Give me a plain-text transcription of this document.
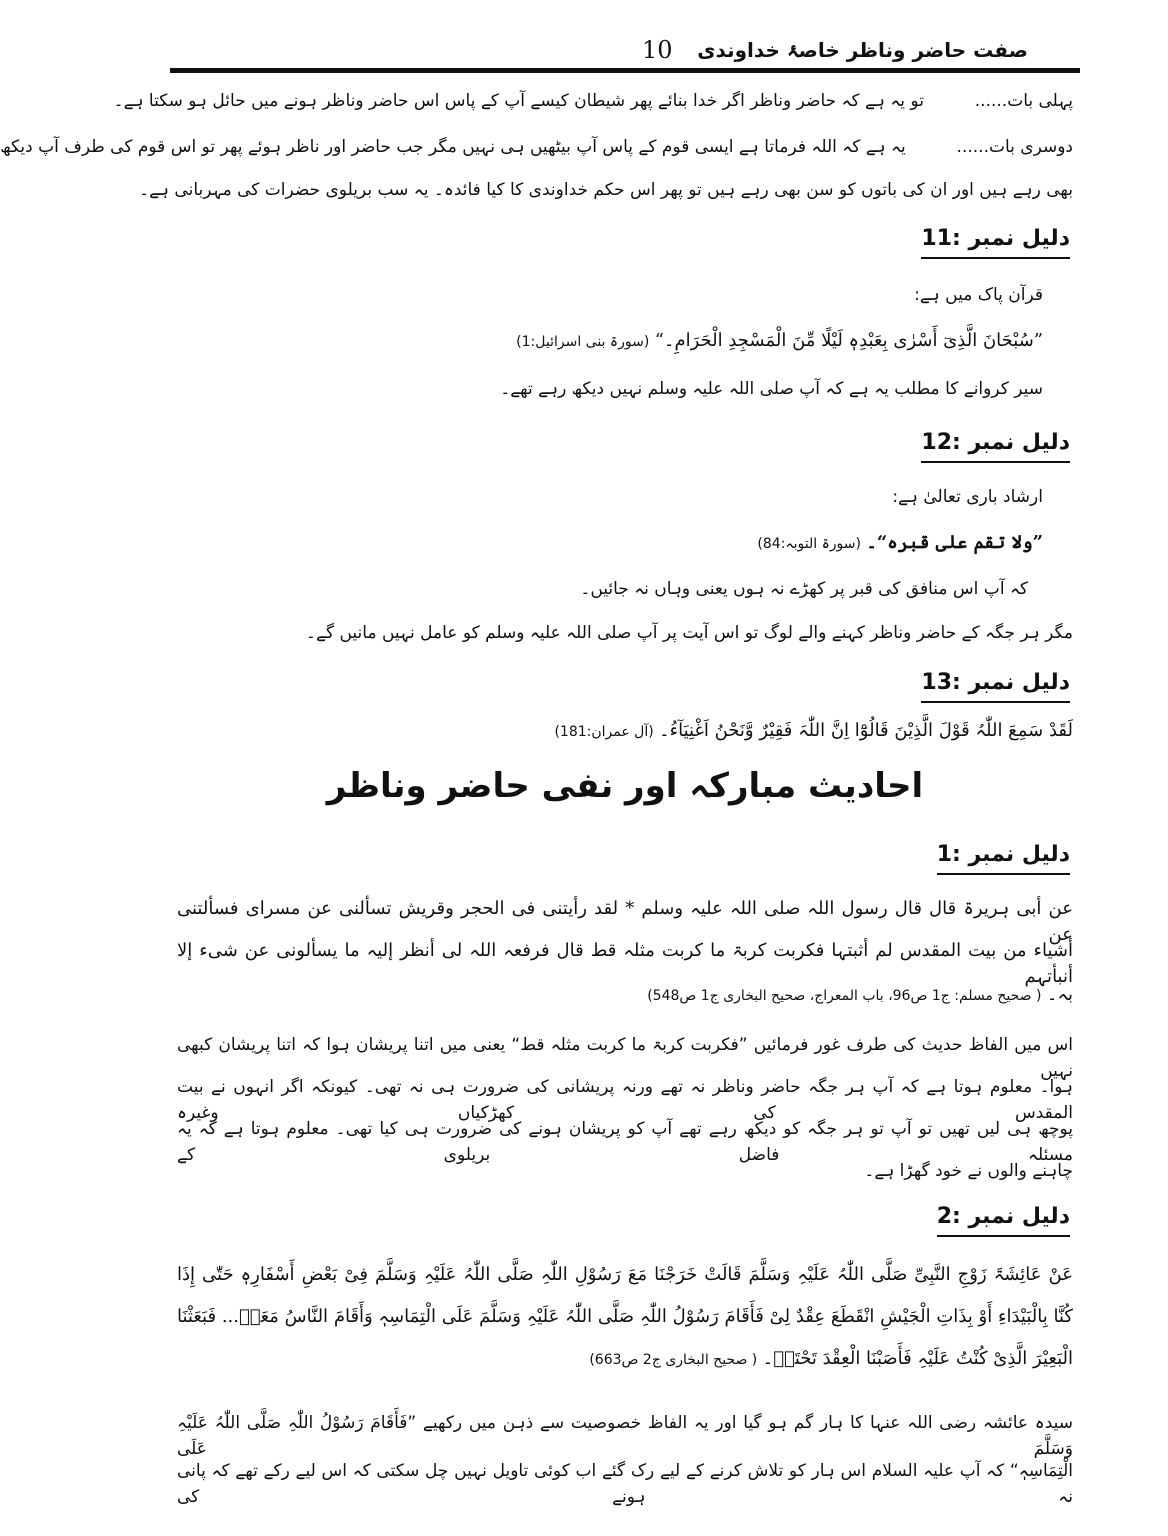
صفت حاضر وناظر خاصۂ خداوندی
10
پہلی بات......  تو یہ ہے کہ حاضر وناظر اگر خدا بنائے پھر شیطان کیسے آپ کے پاس اس حاضر وناظر ہونے میں حائل ہو سکتا ہے۔
دوسری بات......  یہ ہے کہ اللہ فرماتا ہے ایسی قوم کے پاس آپ بیٹھیں ہی نہیں مگر جب حاضر اور ناظر ہوئے پھر تو اس قوم کی طرف آپ دیکھ
بھی رہے ہیں اور ان کی باتوں کو سن بھی رہے ہیں تو پھر اس حکم خداوندی کا کیا فائدہ۔ یہ سب بریلوی حضرات کی مہربانی ہے۔
دلیل نمبر 11:
قرآن پاک میں ہے:
”سُبْحَانَ الَّذِیٓ أَسْرٰی بِعَبْدِہٖ لَیْلًا مِّنَ الْمَسْجِدِ الْحَرَامِ۔“ (سورۃ بنی اسرائیل:1)
سیر کروانے کا مطلب یہ ہے کہ آپ صلی اللہ علیہ وسلم نہیں دیکھ رہے تھے۔
دلیل نمبر 12:
ارشاد باری تعالیٰ ہے:
”ولا تقم علی قبرہ“۔ (سورۃ التوبہ:84)
کہ آپ اس منافق کی قبر پر کھڑے نہ ہوں یعنی وہاں نہ جائیں۔
مگر ہر جگہ کے حاضر وناظر کہنے والے لوگ تو اس آیت پر آپ صلی اللہ علیہ وسلم کو عامل نہیں مانیں گے۔
دلیل نمبر 13:
لَقَدْ سَمِعَ اللّٰہُ قَوْلَ الَّذِیْنَ قَالُوْٓا اِنَّ اللّٰہَ فَقِیْرٌ وَّنَحْنُ اَغْنِیَآءُ۔ (آل عمران:181)
احادیث مبارکہ اور نفی حاضر وناظر
دلیل نمبر 1:
عن أبی ہریرۃ قال قال رسول اللہ صلی اللہ علیہ وسلم * لقد رأیتنی فی الحجر وقریش تسألنی عن مسرای فسألتنی عن
أشیاء من بیت المقدس لم أثبتہا فکربت کربۃ ما کربت مثلہ قط قال فرفعہ اللہ لی أنظر إلیہ ما یسألونی عن شیء إلا أنبأتہم
بہ۔ ( صحیح مسلم: ج1 ص96، باب المعراج، صحیح البخاری ج1 ص548)
اس میں الفاظ حدیث کی طرف غور فرمائیں ”فکربت کربۃ ما کربت مثلہ قط“ یعنی میں اتنا پریشان ہوا کہ اتنا پریشان کبھی نہیں
ہوا۔ معلوم ہوتا ہے کہ آپ ہر جگہ حاضر وناظر نہ تھے ورنہ پریشانی کی ضرورت ہی نہ تھی۔ کیونکہ اگر انہوں نے بیت المقدس کی کھڑکیاں وغیرہ
پوچھ ہی لیں تھیں تو آپ تو ہر جگہ کو دیکھ رہے تھے آپ کو پریشان ہونے کی ضرورت ہی کیا تھی۔ معلوم ہوتا ہے کہ یہ مسئلہ فاضل بریلوی کے
چاہنے والوں نے خود گھڑا ہے۔
دلیل نمبر 2:
عَنْ عَائِشَۃَ زَوْجِ النَّبِیِّ صَلَّی اللّٰہُ عَلَیْہِ وَسَلَّمَ قَالَتْ خَرَجْنَا مَعَ رَسُوْلِ اللّٰہِ صَلَّی اللّٰہُ عَلَیْہِ وَسَلَّمَ فِیْ بَعْضِ أَسْفَارِہٖ حَتّٰی إِذَا
کُنَّا بِالْبَیْدَاءِ أَوْ بِذَاتِ الْجَیْشِ انْقَطَعَ عِقْدٌ لِیْ فَأَقَامَ رَسُوْلُ اللّٰہِ صَلَّی اللّٰہُ عَلَیْہِ وَسَلَّمَ عَلَی الْتِمَاسِہٖ وَأَقَامَ النَّاسُ مَعَہٗ... فَبَعَثْنَا
الْبَعِیْرَ الَّذِیْ کُنْتُ عَلَیْہِ فَأَصَبْنَا الْعِقْدَ تَحْتَہٗ۔ ( صحیح البخاری ج2 ص663)
سیدہ عائشہ رضی اللہ عنہا کا ہار گم ہو گیا اور یہ الفاظ خصوصیت سے ذہن میں رکھیے ”فَأَقَامَ رَسُوْلُ اللّٰہِ صَلَّی اللّٰہُ عَلَیْہِ وَسَلَّمَ عَلَی
الْتِمَاسِہٖ“ کہ آپ علیہ السلام اس ہار کو تلاش کرنے کے لیے رک گئے اب کوئی تاویل نہیں چل سکتی کہ اس لیے رکے تھے کہ پانی نہ ہونے کی
